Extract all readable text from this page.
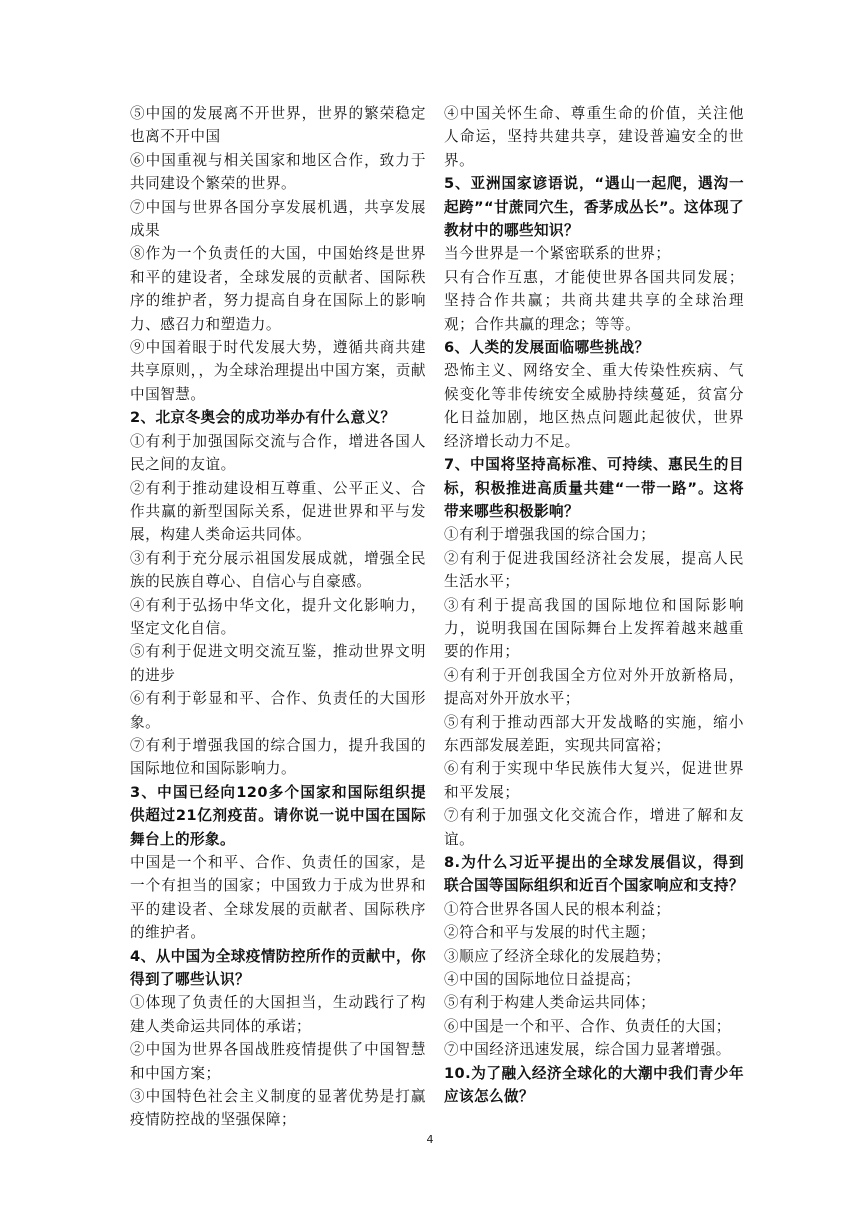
⑤中国的发展离不开世界，世界的繁荣稳定也离不开中国

⑥中国重视与相关国家和地区合作，致力于共同建设个繁荣的世界。

⑦中国与世界各国分享发展机遇，共享发展成果

⑧作为一个负责任的大国，中国始终是世界和平的建设者，全球发展的贡献者、国际秩序的维护者，努力提高自身在国际上的影响力、感召力和塑造力。

⑨中国着眼于时代发展大势，遵循共商共建共享原则，，为全球治理提出中国方案，贡献中国智慧。

2、北京冬奥会的成功举办有什么意义？

①有利于加强国际交流与合作，增进各国人民之间的友谊。

②有利于推动建设相互尊重、公平正义、合作共赢的新型国际关系，促进世界和平与发展，构建人类命运共同体。

③有利于充分展示祖国发展成就，增强全民族的民族自尊心、自信心与自豪感。

④有利于弘扬中华文化，提升文化影响力，坚定文化自信。

⑤有利于促进文明交流互鉴，推动世界文明的进步

⑥有利于彰显和平、合作、负责任的大国形象。

⑦有利于增强我国的综合国力，提升我国的国际地位和国际影响力。

3、中国已经向120多个国家和国际组织提供超过21亿剂疫苗。请你说一说中国在国际舞台上的形象。

中国是一个和平、合作、负责任的国家，是一个有担当的国家；中国致力于成为世界和平的建设者、全球发展的贡献者、国际秩序的维护者。

4、从中国为全球疫情防控所作的贡献中，你得到了哪些认识？

①体现了负责任的大国担当，生动践行了构建人类命运共同体的承诺；

②中国为世界各国战胜疫情提供了中国智慧和中国方案；

③中国特色社会主义制度的显著优势是打赢疫情防控战的坚强保障；

④中国关怀生命、尊重生命的价值，关注他人命运，坚持共建共享，建设普遍安全的世界。

5、亚洲国家谚语说，“遇山一起爬，遇沟一起跨”“甘蔗同穴生，香茅成丛长”。这体现了教材中的哪些知识？

当今世界是一个紧密联系的世界；

只有合作互惠，才能使世界各国共同发展；坚持合作共赢；共商共建共享的全球治理观；合作共赢的理念；等等。

6、人类的发展面临哪些挑战？

恐怖主义、网络安全、重大传染性疾病、气候变化等非传统安全威胁持续蔓延，贫富分化日益加剧，地区热点问题此起彼伏，世界经济增长动力不足。

7、中国将坚持高标准、可持续、惠民生的目标，积极推进高质量共建“一带一路”。这将带来哪些积极影响？

①有利于增强我国的综合国力；

②有利于促进我国经济社会发展，提高人民生活水平；

③有利于提高我国的国际地位和国际影响力，说明我国在国际舞台上发挥着越来越重要的作用；

④有利于开创我国全方位对外开放新格局，提高对外开放水平；

⑤有利于推动西部大开发战略的实施，缩小东西部发展差距，实现共同富裕；

⑥有利于实现中华民族伟大复兴，促进世界和平发展；

⑦有利于加强文化交流合作，增进了解和友谊。

8.为什么习近平提出的全球发展倡议，得到联合国等国际组织和近百个国家响应和支持？

①符合世界各国人民的根本利益；

②符合和平与发展的时代主题；

③顺应了经济全球化的发展趋势；

④中国的国际地位日益提高；

⑤有利于构建人类命运共同体；

⑥中国是一个和平、合作、负责任的大国；

⑦中国经济迅速发展，综合国力显著增强。

10.为了融入经济全球化的大潮中我们青少年应该怎么做？

4
